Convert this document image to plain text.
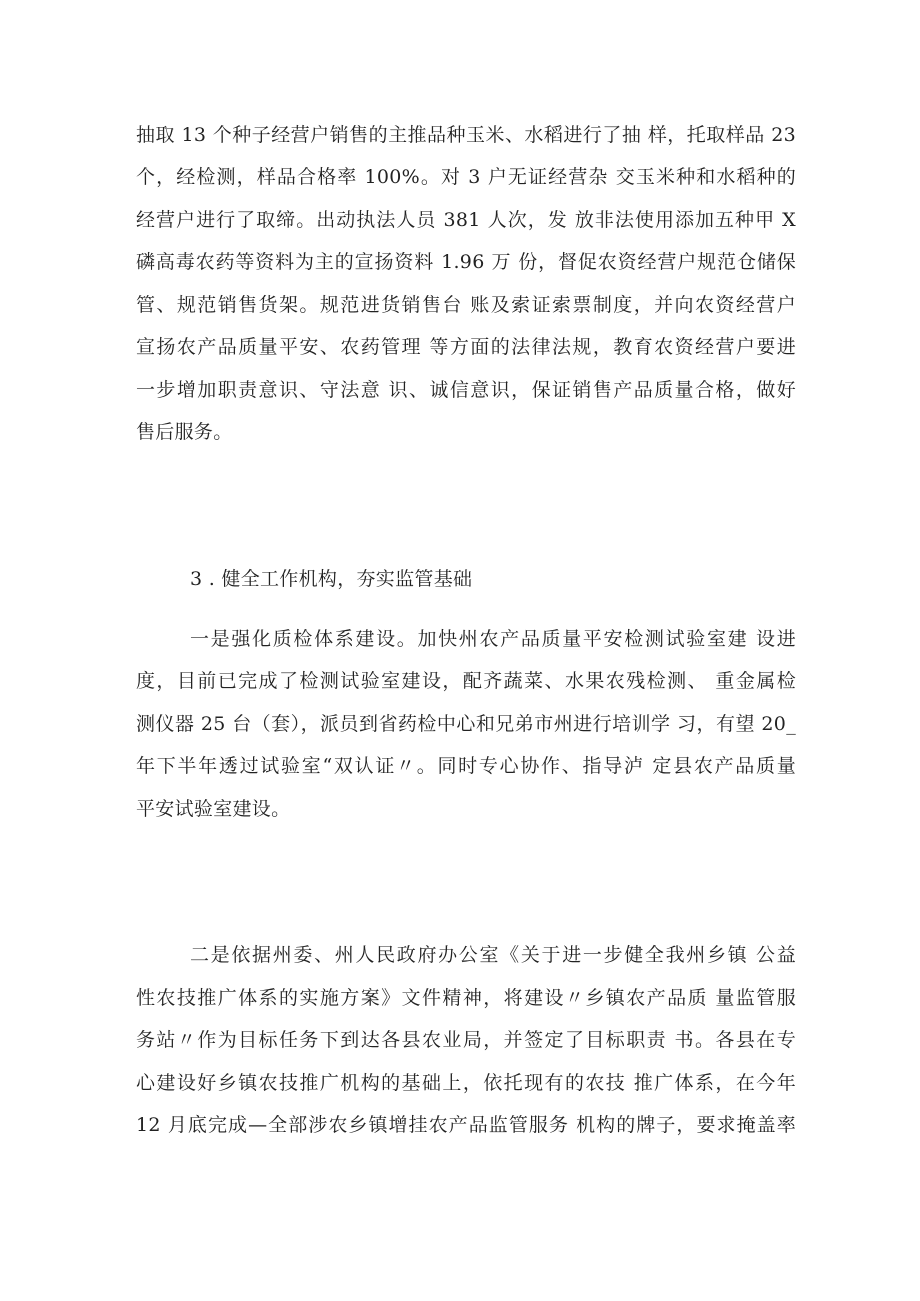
抽取 13 个种子经营户销售的主推品种玉米、水稻进行了抽 样，托取样品 23
个，经检测，样品合格率 100%。对 3 户无证经营杂 交玉米种和水稻种的
经营户进行了取缔。出动执法人员 381 人次，发 放非法使用添加五种甲 X
磷高毒农药等资料为主的宣扬资料 1.96 万 份，督促农资经营户规范仓储保
管、规范销售货架。规范进货销售台 账及索证索票制度，并向农资经营户
宣扬农产品质量平安、农药管理 等方面的法律法规，教育农资经营户要进
一步增加职责意识、守法意 识、诚信意识，保证销售产品质量合格，做好
售后服务。
3 . 健全工作机构，夯实监管基础
一是强化质检体系建设。加快州农产品质量平安检测试验室建 设进
度，目前已完成了检测试验室建设，配齐蔬菜、水果农残检测、 重金属检
测仪器 25 台（套），派员到省药检中心和兄弟市州进行培训学 习，有望 20_
年下半年透过试验室“双认证〃。同时专心协作、指导泸 定县农产品质量
平安试验室建设。
二是依据州委、州人民政府办公室《关于进一步健全我州乡镇 公益
性农技推广体系的实施方案》文件精神，将建设〃乡镇农产品质 量监管服
务站〃作为目标任务下到达各县农业局，并签定了目标职责 书。各县在专
心建设好乡镇农技推广机构的基础上，依托现有的农技 推广体系，在今年
12 月底完成—全部涉农乡镇增挂农产品监管服务 机构的牌子，要求掩盖率
